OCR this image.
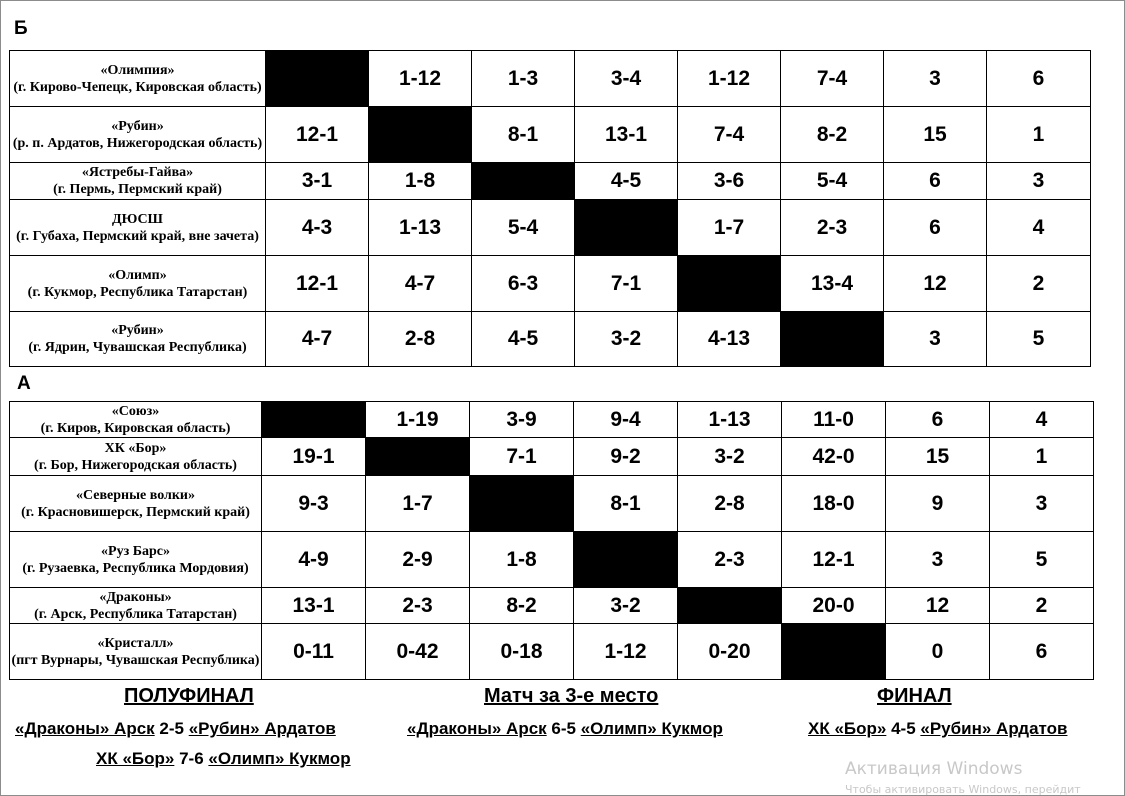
Б
«Олимпия»
(г. Кирово-Чепецк, Кировская область)		1-12	1-3	3-4	1-12	7-4	3	6

«Рубин»
(р. п. Ардатов, Нижегородская область)	12-1		8-1	13-1	7-4	8-2	15	1

«Ястребы-Гайва»
(г. Пермь, Пермский край)	3-1	1-8		4-5	3-6	5-4	6	3

ДЮСШ
(г. Губаха, Пермский край, вне зачета)	4-3	1-13	5-4		1-7	2-3	6	4

«Олимп»
(г. Кукмор, Республика Татарстан)	12-1	4-7	6-3	7-1		13-4	12	2

«Рубин»
(г. Ядрин, Чувашская Республика)	4-7	2-8	4-5	3-2	4-13		3	5
А
«Союз»
(г. Киров, Кировская область)		1-19	3-9	9-4	1-13	11-0	6	4

ХК «Бор»
(г. Бор, Нижегородская область)	19-1		7-1	9-2	3-2	42-0	15	1

«Северные волки»
(г. Красновишерск, Пермский край)	9-3	1-7		8-1	2-8	18-0	9	3

«Руз Барс»
(г. Рузаевка, Республика Мордовия)	4-9	2-9	1-8		2-3	12-1	3	5

«Драконы»
(г. Арск, Республика Татарстан)	13-1	2-3	8-2	3-2		20-0	12	2

«Кристалл»
(пгт Вурнары, Чувашская Республика)	0-11	0-42	0-18	1-12	0-20		0	6
ПОЛУФИНАЛ	Матч за 3-е место	ФИНАЛ
«Драконы» Арск 2-5 «Рубин» Ардатов
ХК «Бор» 7-6 «Олимп» Кукмор
«Драконы» Арск 6-5 «Олимп» Кукмор	ХК «Бор» 4-5 «Рубин» Ардатов
Активация Windows
Чтобы активировать Windows, перейдит
